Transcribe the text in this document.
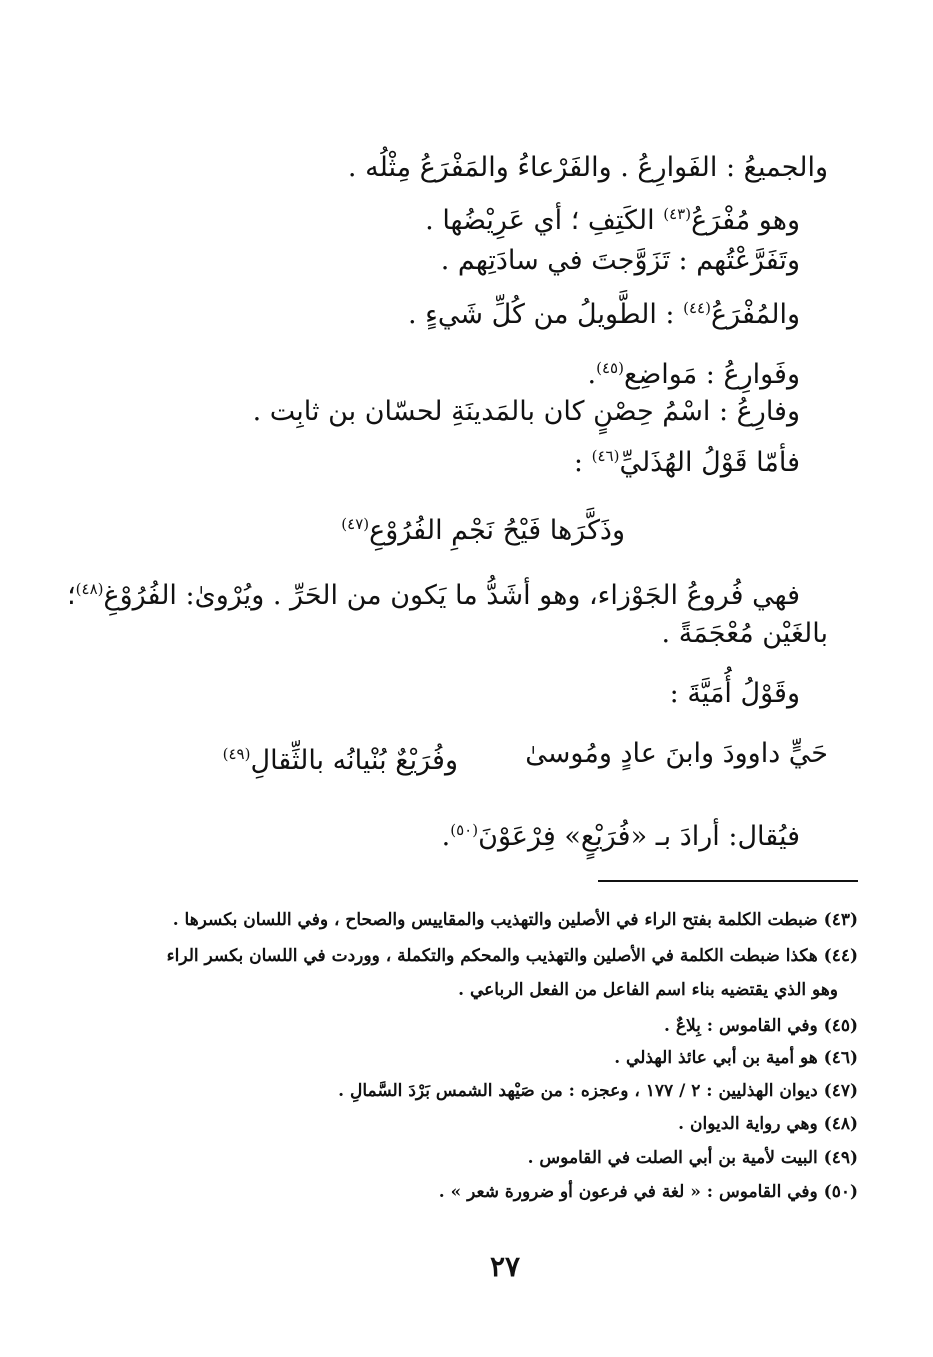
والجميعُ : الفَوارِعُ . والفَرْعاءُ والمَفْرَعُ مِثْلُه .
وهو مُفْرَعُ$^{(٤٣)}$ الكَتِفِ ؛ أي عَرِيْضُها .
وتَفَرَّعْتُهم : تَزَوَّجتَ في سادَتِهم .
والمُفْرَعُ$^{(٤٤)}$ : الطَّويلُ من كُلِّ شَيءٍ .
وفَوارِعُ : مَواضِع$^{(٤٥)}$.
وفارِعُ : اسْمُ حِصْنٍ كان بالمَدينَةِ لحسّان بن ثابِت .
فأمّا قَوْلُ الهُذَليِّ$^{(٤٦)}$ :
وذَكَّرَها فَيْحُ نَجْمِ الفُرُوْعِ$^{(٤٧)}$
فهي فُروعُ الجَوْزاء، وهو أشَدُّ ما يَكون من الحَرِّ . ويُرْوىٰ: الفُرُوْغِ$^{(٤٨)}$؛
بالغَيْن مُعْجَمَةً .
وقَوْلُ أُمَيَّةَ :
حَيٍّ داوودَ وابنَ عادٍ ومُوسىٰ
وفُرَيْعٌ بُنْيانُه بالثِّقالِ$^{(٤٩)}$
فيُقال: أرادَ بـ «فُرَيْعٍ» فِرْعَوْنَ$^{(٥٠)}$.
(٤٣) ضبطت الكلمة بفتح الراء في الأصلين والتهذيب والمقاييس والصحاح ، وفي اللسان بكسرها .
(٤٤) هكذا ضبطت الكلمة في الأصلين والتهذيب والمحكم والتكملة ، ووردت في اللسان بكسر الراء
وهو الذي يقتضيه بناء اسم الفاعل من الفعل الرباعي .
(٤٥) وفي القاموس : بِلاعٌ .
(٤٦) هو أمية بن أبي عائذ الهذلي .
(٤٧) ديوان الهذليين : ٢ / ١٧٧ ، وعجزه : من صَيْهد الشمس بَرْدَ السَّمالِ .
(٤٨) وهي رواية الديوان .
(٤٩) البيت لأمية بن أبي الصلت في القاموس .
(٥٠) وفي القاموس : « لغة في فرعون أو ضرورة شعر » .
٢٧
